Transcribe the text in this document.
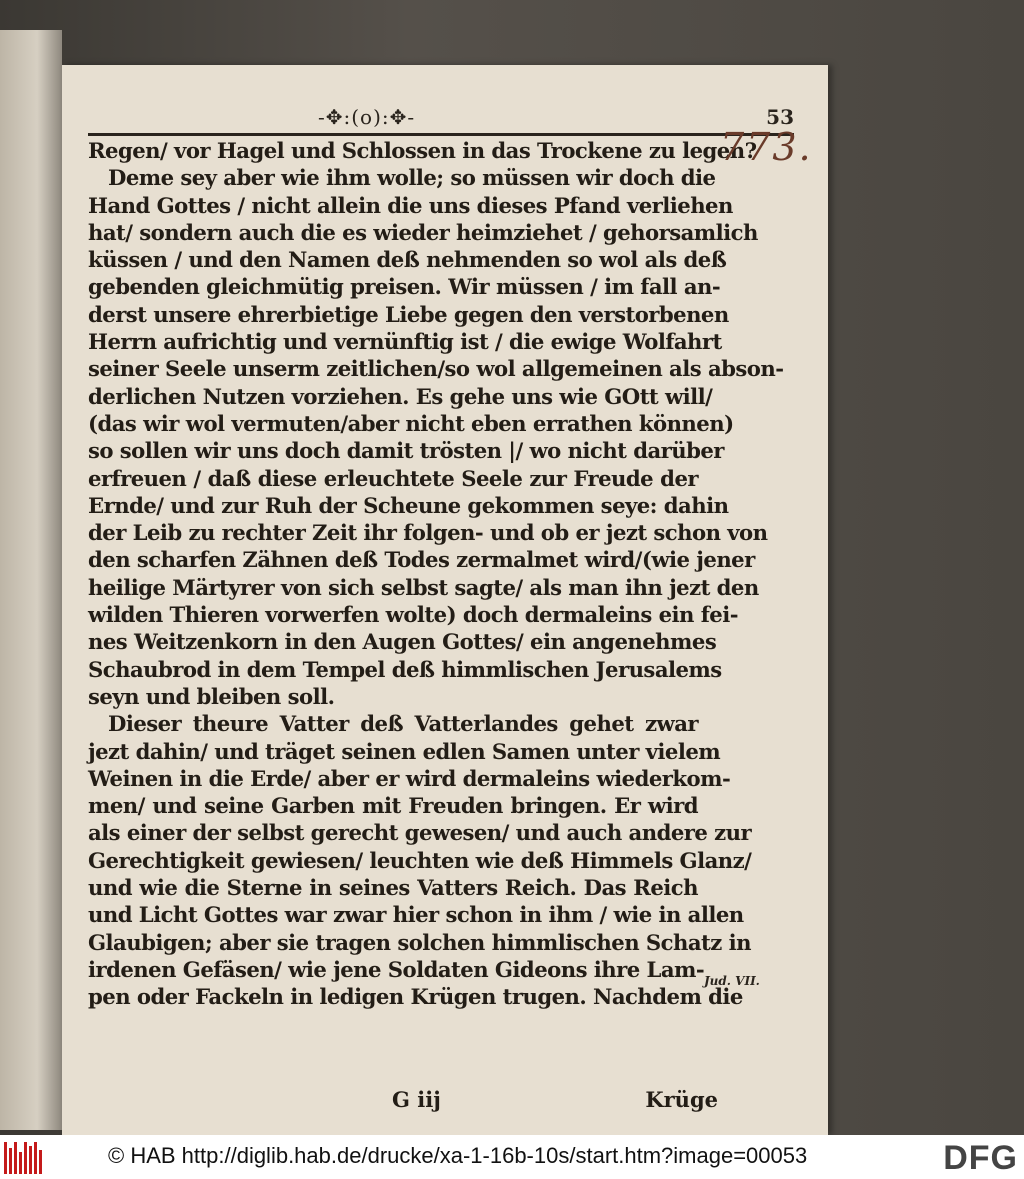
-✥:(o):✥-	53
Regen/ vor Hagel und Schlossen in das Trockene zu legen?
Deme sey aber wie ihm wolle; so müssen wir doch die
Hand Gottes / nicht allein die uns dieses Pfand verliehen
hat/ sondern auch die es wieder heimziehet / gehorsamlich
küssen / und den Namen deß nehmenden so wol als deß
gebenden gleichmütig preisen. Wir müssen / im fall an-
derst unsere ehrerbietige Liebe gegen den verstorbenen
Herrn aufrichtig und vernünftig ist / die ewige Wolfahrt
seiner Seele unserm zeitlichen/so wol allgemeinen als abson-
derlichen Nutzen vorziehen. Es gehe uns wie GOtt will/
(das wir wol vermuten/aber nicht eben errathen können)
so sollen wir uns doch damit trösten |/ wo nicht darüber
erfreuen / daß diese erleuchtete Seele zur Freude der
Ernde/ und zur Ruh der Scheune gekommen seye: dahin
der Leib zu rechter Zeit ihr folgen- und ob er jezt schon von
den scharfen Zähnen deß Todes zermalmet wird/(wie jener
heilige Märtyrer von sich selbst sagte/ als man ihn jezt den
wilden Thieren vorwerfen wolte) doch dermaleins ein fei-
nes Weitzenkorn in den Augen Gottes/ ein angenehmes
Schaubrod in dem Tempel deß himmlischen Jerusalems
seyn und bleiben soll.
Dieser theure Vatter deß Vatterlandes gehet zwar
jezt dahin/ und träget seinen edlen Samen unter vielem
Weinen in die Erde/ aber er wird dermaleins wiederkom-
men/ und seine Garben mit Freuden bringen. Er wird
als einer der selbst gerecht gewesen/ und auch andere zur
Gerechtigkeit gewiesen/ leuchten wie deß Himmels Glanz/
und wie die Sterne in seines Vatters Reich. Das Reich
und Licht Gottes war zwar hier schon in ihm / wie in allen
Glaubigen; aber sie tragen solchen himmlischen Schatz in
irdenen Gefäsen/ wie jene Soldaten Gideons ihre Lam-
pen oder Fackeln in ledigen Krügen trugen. Nachdem die
G iij	Krüge
773.
Jud. VII.
© HAB http://diglib.hab.de/drucke/xa-1-16b-10s/start.htm?image=00053	DFG
